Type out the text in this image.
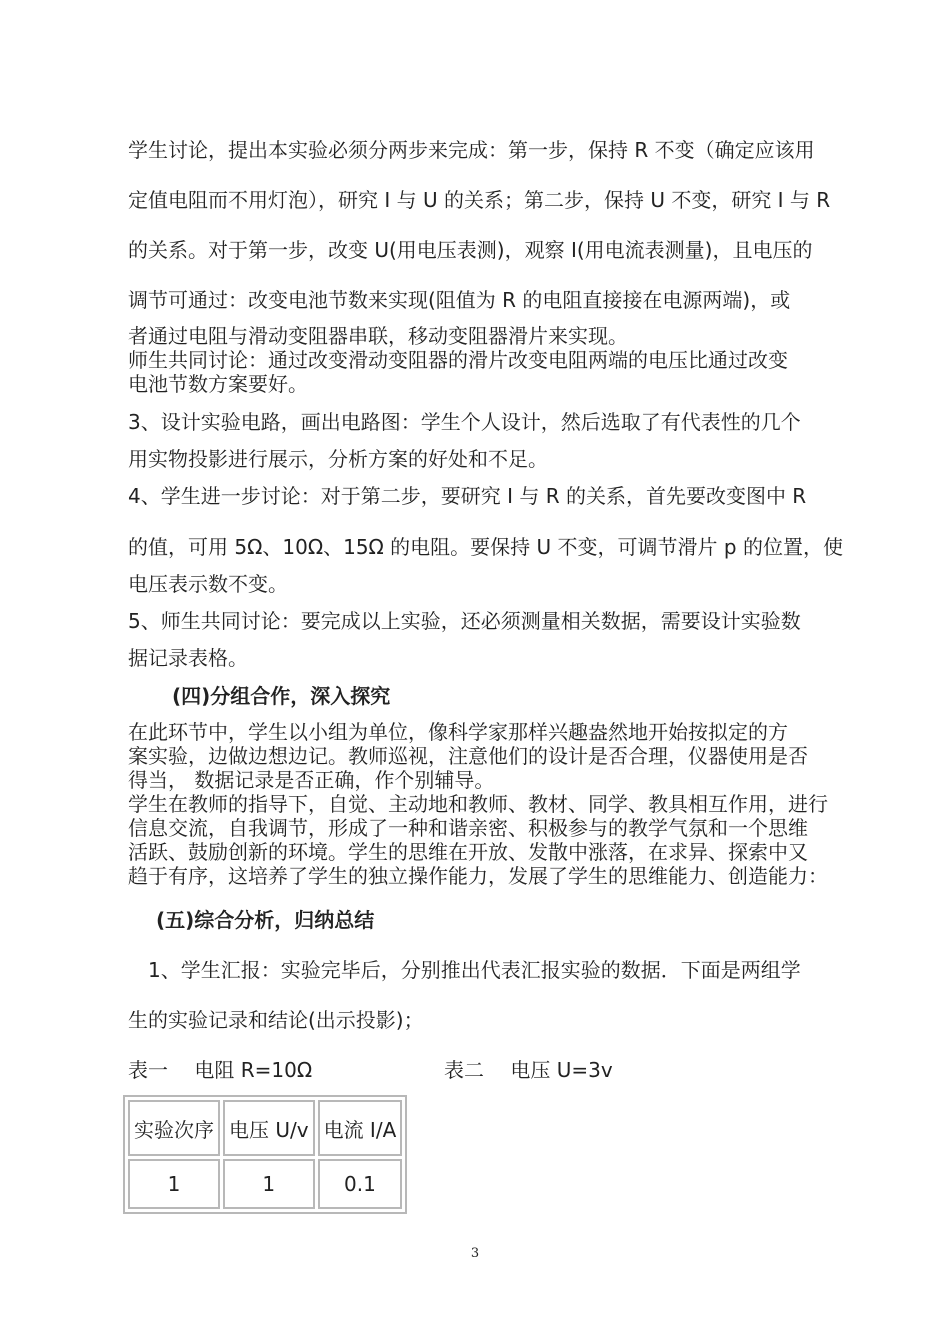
学生讨论，提出本实验必须分两步来完成：第一步，保持 R 不变（确定应该用

定值电阻而不用灯泡），研究 I 与 U 的关系；第二步，保持 U 不变，研究 I 与 R

的关系。对于第一步，改变 U(用电压表测)，观察 I(用电流表测量)，且电压的

调节可通过：改变电池节数来实现(阻值为 R 的电阻直接接在电源两端)，或

者通过电阻与滑动变阻器串联，移动变阻器滑片来实现。

师生共同讨论：通过改变滑动变阻器的滑片改变电阻两端的电压比通过改变

电池节数方案要好。

3、设计实验电路，画出电路图：学生个人设计，然后选取了有代表性的几个

用实物投影进行展示，分析方案的好处和不足。

4、学生进一步讨论：对于第二步，要研究 I 与 R 的关系，首先要改变图中 R

的值，可用 5Ω、10Ω、15Ω 的电阻。要保持 U 不变，可调节滑片 p 的位置，使

电压表示数不变。

5、师生共同讨论：要完成以上实验，还必须测量相关数据，需要设计实验数

据记录表格。

(四)分组合作，深入探究

在此环节中，学生以小组为单位，像科学家那样兴趣盎然地开始按拟定的方

案实验，边做边想边记。教师巡视，注意他们的设计是否合理，仪器使用是否

得当， 数据记录是否正确，作个别辅导。

学生在教师的指导下，自觉、主动地和教师、教材、同学、教具相互作用，进行

信息交流，自我调节，形成了一种和谐亲密、积极参与的教学气氛和一个思维

活跃、鼓励创新的环境。学生的思维在开放、发散中涨落，在求异、探索中又

趋于有序，这培养了学生的独立操作能力，发展了学生的思维能力、创造能力：

(五)综合分析，归纳总结

1、学生汇报：实验完毕后，分别推出代表汇报实验的数据．下面是两组学

生的实验记录和结论(出示投影)；

表一　 电阻 R=10Ω	表二　 电压 U=3v
实验次序	电压 U/v	电流 I/A
1	1	0.1
3
